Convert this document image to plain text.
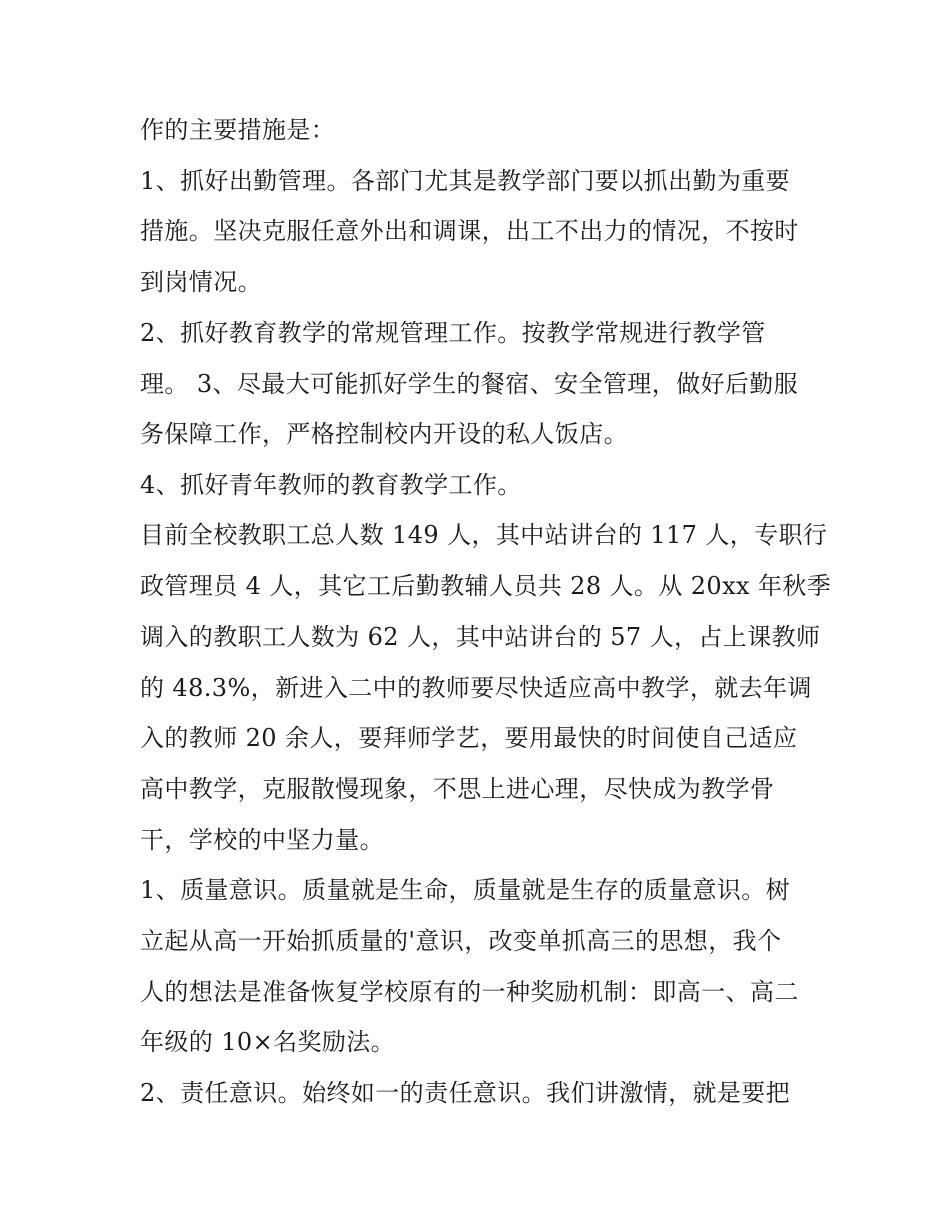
作的主要措施是：

1、抓好出勤管理。各部门尤其是教学部门要以抓出勤为重要

措施。坚决克服任意外出和调课，出工不出力的情况，不按时

到岗情况。

2、抓好教育教学的常规管理工作。按教学常规进行教学管

理。 3、尽最大可能抓好学生的餐宿、安全管理，做好后勤服

务保障工作，严格控制校内开设的私人饭店。

4、抓好青年教师的教育教学工作。

目前全校教职工总人数 149 人，其中站讲台的 117 人，专职行

政管理员 4 人，其它工后勤教辅人员共 28 人。从 20xx 年秋季

调入的教职工人数为 62 人，其中站讲台的 57 人，占上课教师

的 48.3%，新进入二中的教师要尽快适应高中教学，就去年调

入的教师 20 余人，要拜师学艺，要用最快的时间使自己适应

高中教学，克服散慢现象，不思上进心理，尽快成为教学骨

干，学校的中坚力量。

1、质量意识。质量就是生命，质量就是生存的质量意识。树

立起从高一开始抓质量的'意识，改变单抓高三的思想，我个

人的想法是准备恢复学校原有的一种奖励机制：即高一、高二

年级的 10×名奖励法。

2、责任意识。始终如一的责任意识。我们讲激情，就是要把
